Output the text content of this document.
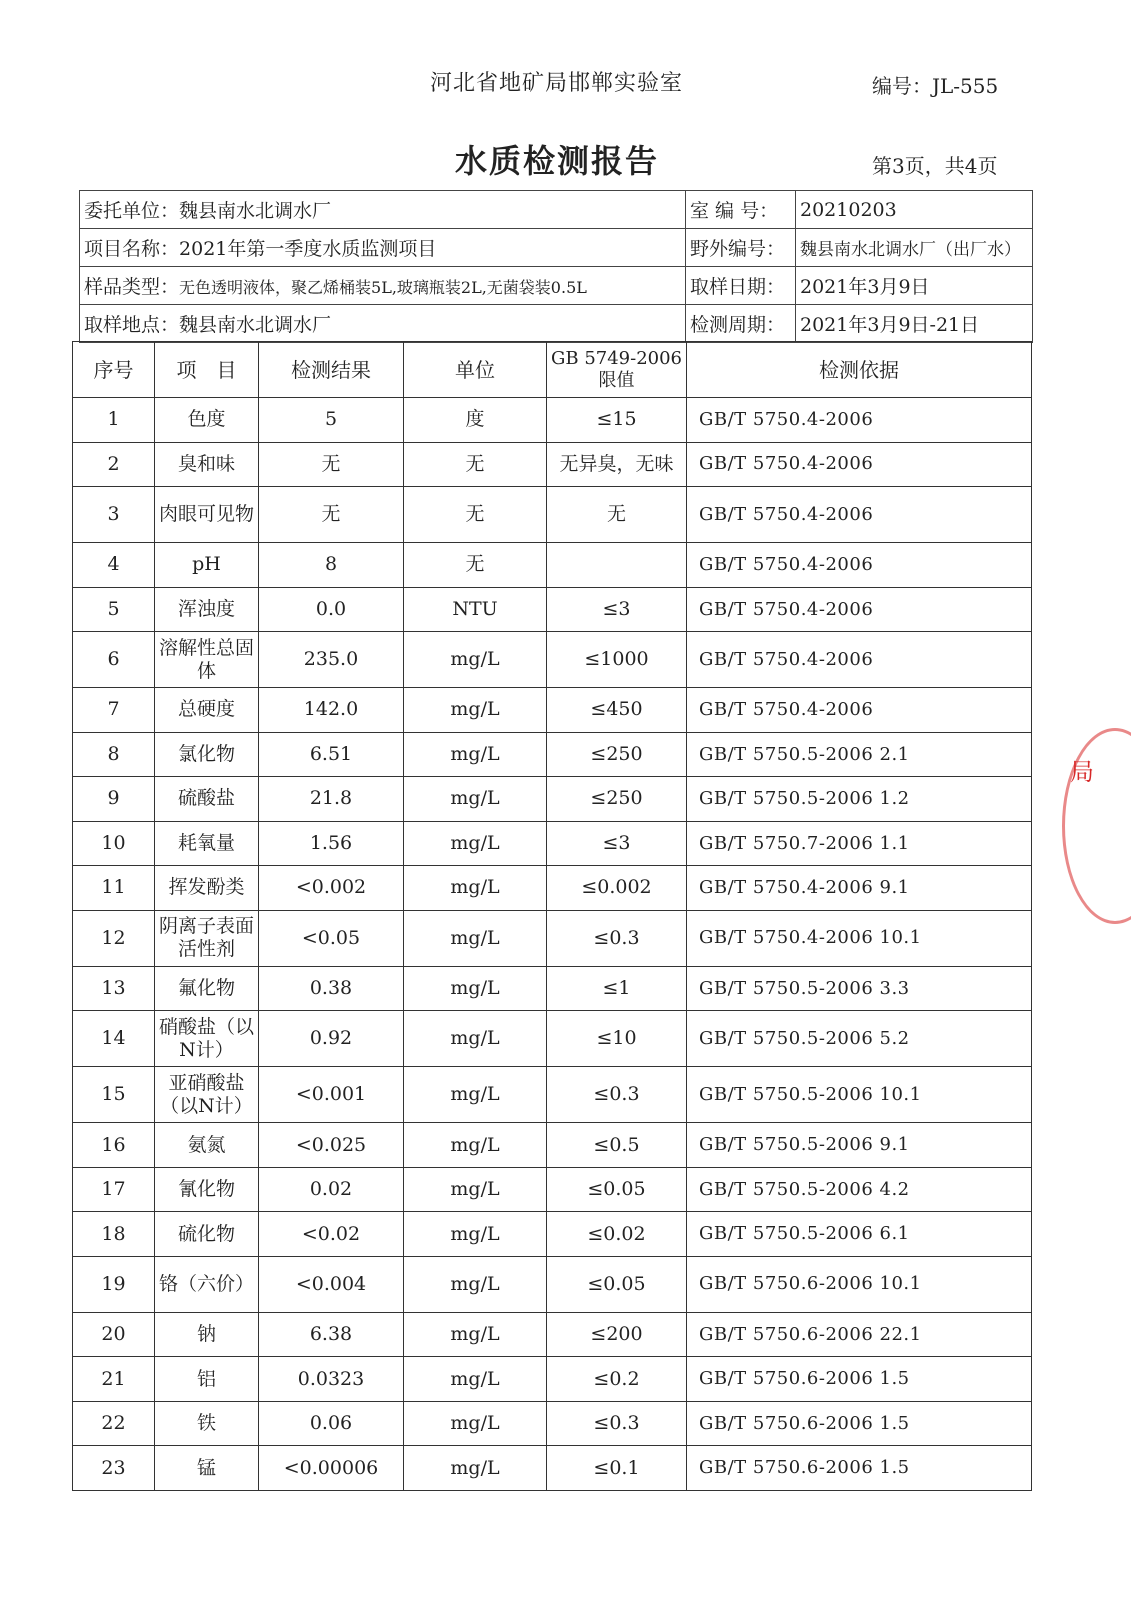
河北省地矿局邯郸实验室	编号：JL-555
水质检测报告	第3页，共4页
委托单位：魏县南水北调水厂	室 编 号：	20210203
项目名称：2021年第一季度水质监测项目	野外编号：	魏县南水北调水厂（出厂水）
样品类型：无色透明液体，聚乙烯桶装5L,玻璃瓶装2L,无菌袋装0.5L	取样日期：	2021年3月9日
取样地点：魏县南水北调水厂	检测周期：	2021年3月9日-21日
序号	项　目	检测结果	单位	GB 5749-2006限值	检测依据
1	色度	5	度	≤15	GB/T 5750.4-2006
2	臭和味	无	无	无异臭，无味	GB/T 5750.4-2006
3	肉眼可见物	无	无	无	GB/T 5750.4-2006
4	pH	8	无		GB/T 5750.4-2006
5	浑浊度	0.0	NTU	≤3	GB/T 5750.4-2006
6	溶解性总固体	235.0	mg/L	≤1000	GB/T 5750.4-2006
7	总硬度	142.0	mg/L	≤450	GB/T 5750.4-2006
8	氯化物	6.51	mg/L	≤250	GB/T 5750.5-2006 2.1
9	硫酸盐	21.8	mg/L	≤250	GB/T 5750.5-2006 1.2
10	耗氧量	1.56	mg/L	≤3	GB/T 5750.7-2006 1.1
11	挥发酚类	<0.002	mg/L	≤0.002	GB/T 5750.4-2006 9.1
12	阴离子表面活性剂	<0.05	mg/L	≤0.3	GB/T 5750.4-2006 10.1
13	氟化物	0.38	mg/L	≤1	GB/T 5750.5-2006 3.3
14	硝酸盐（以N计）	0.92	mg/L	≤10	GB/T 5750.5-2006 5.2
15	亚硝酸盐（以N计）	<0.001	mg/L	≤0.3	GB/T 5750.5-2006 10.1
16	氨氮	<0.025	mg/L	≤0.5	GB/T 5750.5-2006 9.1
17	氰化物	0.02	mg/L	≤0.05	GB/T 5750.5-2006 4.2
18	硫化物	<0.02	mg/L	≤0.02	GB/T 5750.5-2006 6.1
19	铬（六价）	<0.004	mg/L	≤0.05	GB/T 5750.6-2006 10.1
20	钠	6.38	mg/L	≤200	GB/T 5750.6-2006 22.1
21	铝	0.0323	mg/L	≤0.2	GB/T 5750.6-2006 1.5
22	铁	0.06	mg/L	≤0.3	GB/T 5750.6-2006 1.5
23	锰	<0.00006	mg/L	≤0.1	GB/T 5750.6-2006 1.5
局
